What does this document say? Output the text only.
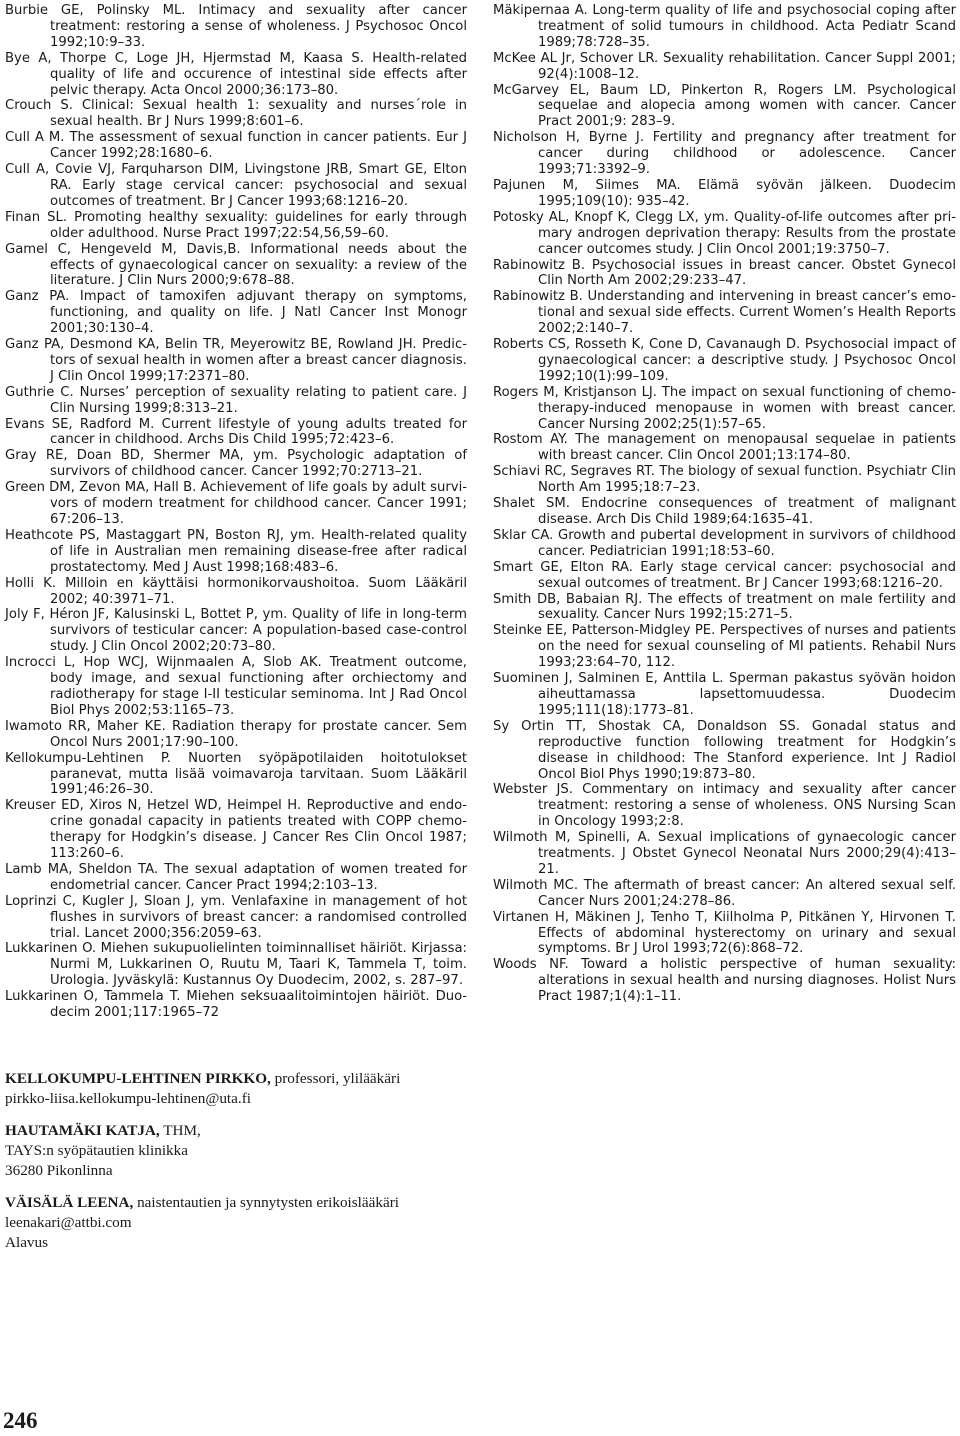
Burbie GE, Polinsky ML. Intimacy and sexuality after cancer treatment: restoring a sense of wholeness. J Psychosoc Oncol 1992;10:9–33.

Bye A, Thorpe C, Loge JH, Hjermstad M, Kaasa S. Health-related quality of life and occurence of intestinal side effects after pelvic therapy. Acta Oncol 2000;36:173–80.

Crouch S. Clinical: Sexual health 1: sexuality and nurses´role in sexual health. Br J Nurs 1999;8:601–6.

Cull A M. The assessment of sexual function in cancer patients. Eur J Cancer 1992;28:1680–6.

Cull A, Covie VJ, Farquharson DIM, Livingstone JRB, Smart GE, Elton RA. Early stage cervical cancer: psychosocial and sexual outcomes of treatment. Br J Cancer 1993;68:1216–20.

Finan SL. Promoting healthy sexuality: guidelines for early through older adulthood. Nurse Pract 1997;22:54,56,59–60.

Gamel C, Hengeveld M, Davis,B. Informational needs about the effects of gynaecological cancer on sexuality: a review of the literature. J Clin Nurs 2000;9:678–88.

Ganz PA. Impact of tamoxifen adjuvant therapy on symptoms, functioning, and quality on life. J Natl Cancer Inst Monogr 2001;30:130–4.

Ganz PA, Desmond KA, Belin TR, Meyerowitz BE, Rowland JH. Predictors of sexual health in women after a breast cancer diagnosis. J Clin Oncol 1999;17:2371–80.

Guthrie C. Nurses’ perception of sexuality relating to patient care. J Clin Nursing 1999;8:313–21.

Evans SE, Radford M. Current lifestyle of young adults treated for cancer in childhood. Archs Dis Child 1995;72:423–6.

Gray RE, Doan BD, Shermer MA, ym. Psychologic adaptation of survivors of childhood cancer. Cancer 1992;70:2713–21.

Green DM, Zevon MA, Hall B. Achievement of life goals by adult survivors of modern treatment for childhood cancer. Cancer 1991; 67:206–13.

Heathcote PS, Mastaggart PN, Boston RJ, ym. Health-related quality of life in Australian men remaining disease-free after radical prostatectomy. Med J Aust 1998;168:483–6.

Holli K. Milloin en käyttäisi hormonikorvaushoitoa. Suom Lääkäril 2002; 40:3971–71.

Joly F, Héron JF, Kalusinski L, Bottet P, ym. Quality of life in long-term survivors of testicular cancer: A population-based case-control study. J Clin Oncol 2002;20:73–80.

Incrocci L, Hop WCJ, Wijnmaalen A, Slob AK. Treatment outcome, body image, and sexual functioning after orchiectomy and radiotherapy for stage I-II testicular seminoma. Int J Rad Oncol Biol Phys 2002;53:1165–73.

Iwamoto RR, Maher KE. Radiation therapy for prostate cancer. Sem Oncol Nurs 2001;17:90–100.

Kellokumpu-Lehtinen P. Nuorten syöpäpotilaiden hoitotulokset paranevat, mutta lisää voimavaroja tarvitaan. Suom Lääkäril 1991;46:26–30.

Kreuser ED, Xiros N, Hetzel WD, Heimpel H. Reproductive and endocrine gonadal capacity in patients treated with COPP chemotherapy for Hodgkin’s disease. J Cancer Res Clin Oncol 1987; 113:260–6.

Lamb MA, Sheldon TA. The sexual adaptation of women treated for endometrial cancer. Cancer Pract 1994;2:103–13.

Loprinzi C, Kugler J, Sloan J, ym. Venlafaxine in management of hot flushes in survivors of breast cancer: a randomised controlled trial. Lancet 2000;356:2059–63.

Lukkarinen O. Miehen sukupuolielinten toiminnalliset häiriöt. Kirjassa: Nurmi M, Lukkarinen O, Ruutu M, Taari K, Tammela T, toim. Urologia. Jyväskylä: Kustannus Oy Duodecim, 2002, s. 287–97.

Lukkarinen O, Tammela T. Miehen seksuaalitoimintojen häiriöt. Duodecim 2001;117:1965–72

Mäkipernaa A. Long-term quality of life and psychosocial coping after treatment of solid tumours in childhood. Acta Pediatr Scand 1989;78:728–35.

McKee AL Jr, Schover LR. Sexuality rehabilitation. Cancer Suppl 2001; 92(4):1008–12.

McGarvey EL, Baum LD, Pinkerton R, Rogers LM. Psychological sequelae and alopecia among women with cancer. Cancer Pract 2001;9: 283–9.

Nicholson H, Byrne J. Fertility and pregnancy after treatment for cancer during childhood or adolescence. Cancer 1993;71:3392–9.

Pajunen M, Siimes MA. Elämä syövän jälkeen. Duodecim 1995;109(10): 935–42.

Potosky AL, Knopf K, Clegg LX, ym. Quality-of-life outcomes after primary androgen deprivation therapy: Results from the prostate cancer outcomes study. J Clin Oncol 2001;19:3750–7.

Rabinowitz B. Psychosocial issues in breast cancer. Obstet Gynecol Clin North Am 2002;29:233–47.

Rabinowitz B. Understanding and intervening in breast cancer’s emotional and sexual side effects. Current Women’s Health Reports 2002;2:140–7.

Roberts CS, Rosseth K, Cone D, Cavanaugh D. Psychosocial impact of gynaecological cancer: a descriptive study. J Psychosoc Oncol 1992;10(1):99–109.

Rogers M, Kristjanson LJ. The impact on sexual functioning of chemotherapy-induced menopause in women with breast cancer. Cancer Nursing 2002;25(1):57–65.

Rostom AY. The management on menopausal sequelae in patients with breast cancer. Clin Oncol 2001;13:174–80.

Schiavi RC, Segraves RT. The biology of sexual function. Psychiatr Clin North Am 1995;18:7–23.

Shalet SM. Endocrine consequences of treatment of malignant disease. Arch Dis Child 1989;64:1635–41.

Sklar CA. Growth and pubertal development in survivors of childhood cancer. Pediatrician 1991;18:53–60.

Smart GE, Elton RA. Early stage cervical cancer: psychosocial and sexual outcomes of treatment. Br J Cancer 1993;68:1216–20.

Smith DB, Babaian RJ. The effects of treatment on male fertility and sexuality. Cancer Nurs 1992;15:271–5.

Steinke EE, Patterson-Midgley PE. Perspectives of nurses and patients on the need for sexual counseling of MI patients. Rehabil Nurs 1993;23:64–70, 112.

Suominen J, Salminen E, Anttila L. Sperman pakastus syövän hoidon aiheuttamassa lapsettomuudessa. Duodecim 1995;111(18):1773–81.

Sy Ortin TT, Shostak CA, Donaldson SS. Gonadal status and reproductive function following treatment for Hodgkin’s disease in childhood: The Stanford experience. Int J Radiol Oncol Biol Phys 1990;19:873–80.

Webster JS. Commentary on intimacy and sexuality after cancer treatment: restoring a sense of wholeness. ONS Nursing Scan in Oncology 1993;2:8.

Wilmoth M, Spinelli, A. Sexual implications of gynaecologic cancer treatments. J Obstet Gynecol Neonatal Nurs 2000;29(4):413–21.

Wilmoth MC. The aftermath of breast cancer: An altered sexual self. Cancer Nurs 2001;24:278–86.

Virtanen H, Mäkinen J, Tenho T, Kiilholma P, Pitkänen Y, Hirvonen T. Effects of abdominal hysterectomy on urinary and sexual symptoms. Br J Urol 1993;72(6):868–72.

Woods NF. Toward a holistic perspective of human sexuality: alterations in sexual health and nursing diagnoses. Holist Nurs Pract 1987;1(4):1–11.

KELLOKUMPU-LEHTINEN PIRKKO, professori, ylilääkäri
pirkko-liisa.kellokumpu-lehtinen@uta.fi
HAUTAMÄKI KATJA, THM,
TAYS:n syöpätautien klinikka
36280 Pikonlinna
VÄISÄLÄ LEENA, naistentautien ja synnytysten erikoislääkäri
leenakari@attbi.com
Alavus
246
